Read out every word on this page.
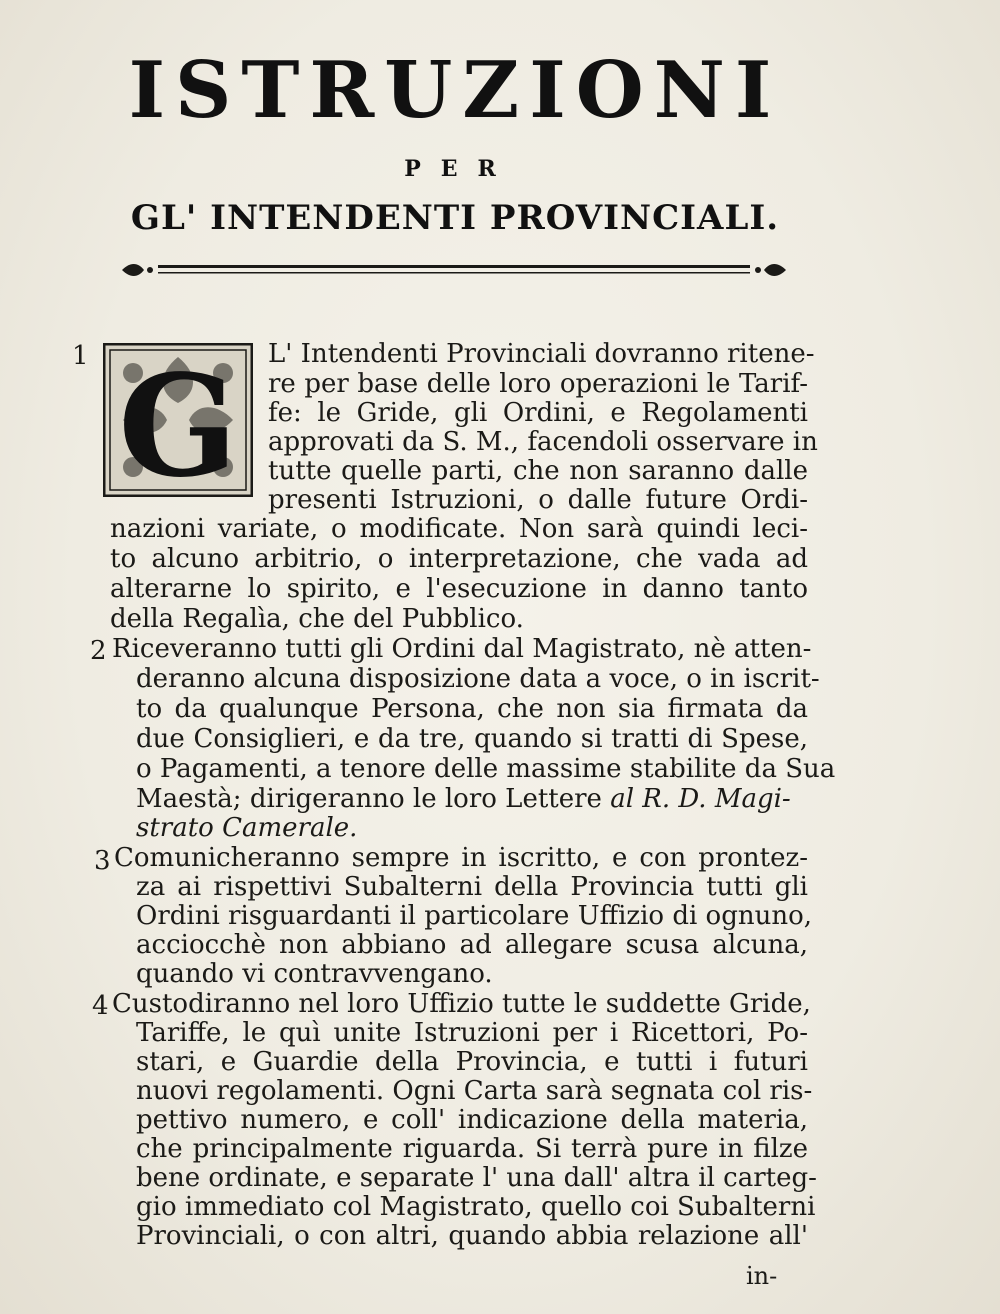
ISTRUZIONI
PER
GL' INTENDENTI PROVINCIALI.
G
1	L' Intendenti Provinciali dovranno ritene-
re per base delle loro operazioni le Tarif-
fe: le Gride, gli Ordini, e Regolamenti
approvati da S. M., facendoli osservare in
tutte quelle parti, che non saranno dalle
presenti Istruzioni, o dalle future Ordi-
nazioni variate, o modificate. Non sarà quindi leci-
to alcuno arbitrio, o interpretazione, che vada ad
alterarne lo spirito, e l'esecuzione in danno tanto
della Regalìa, che del Pubblico.
2 Riceveranno tutti gli Ordini dal Magistrato, nè atten-
deranno alcuna disposizione data a voce, o in iscrit-
to da qualunque Persona, che non sia firmata da
due Consiglieri, e da tre, quando si tratti di Spese,
o Pagamenti, a tenore delle massime stabilite da Sua
Maestà; dirigeranno le loro Lettere al R. D. Magi-
strato Camerale.
3 Comunicheranno sempre in iscritto, e con prontez-
za ai rispettivi Subalterni della Provincia tutti gli
Ordini risguardanti il particolare Uffizio di ognuno,
acciocchè non abbiano ad allegare scusa alcuna,
quando vi contravvengano.
4 Custodiranno nel loro Uffizio tutte le suddette Gride,
Tariffe, le quì unite Istruzioni per i Ricettori, Po-
stari, e Guardie della Provincia, e tutti i futuri
nuovi regolamenti. Ogni Carta sarà segnata col ris-
pettivo numero, e coll' indicazione della materia,
che principalmente riguarda. Si terrà pure in filze
bene ordinate, e separate l' una dall' altra il carteg-
gio immediato col Magistrato, quello coi Subalterni
Provinciali, o con altri, quando abbia relazione all'
in-
